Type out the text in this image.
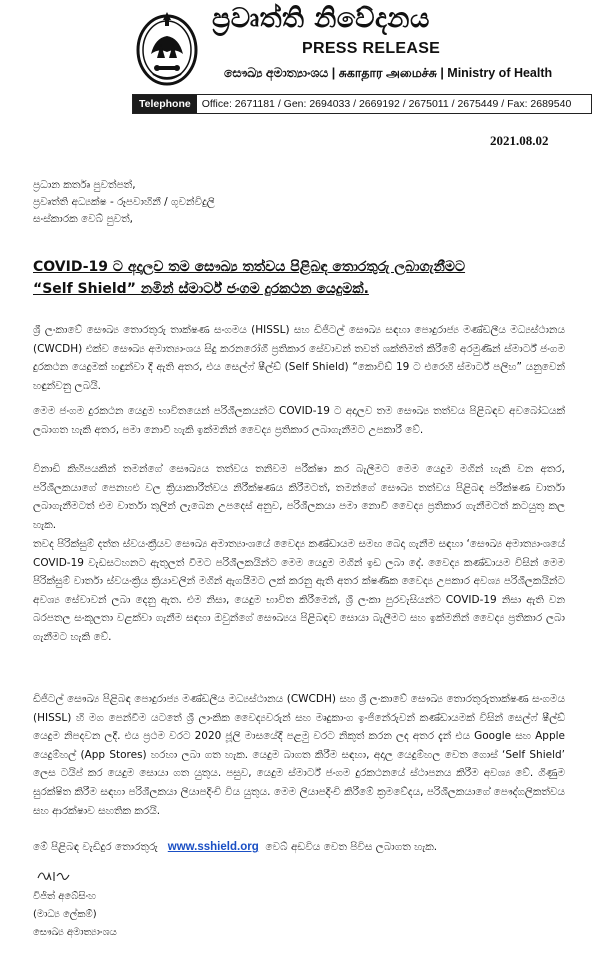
ප්‍රවෘත්ති නිවේදනය
PRESS RELEASE
සෞඛ්‍ය අමාත්‍යාංශය | சுகாதார அமைச்சு | Ministry of Health
Telephone	Office: 2671181 / Gen: 2694033 / 2669192 / 2675011 / 2675449 / Fax: 2689540
2021.08.02
ප්‍රධාන කර්තෘ පුවත්පත්,
ප්‍රවෘත්ති අධ්‍යක්ෂ - රූපවාහිනී / ගුවන්විදුලි
සංස්කාරක වෙබ් පුවත්,
COVID-19 ට අදාලව තම සෞඛ්‍ය තත්වය පිළිබඳ තොරතුරු ලබාගැනීමට
“Self Shield” නමින් ස්මාර්ට් ජංගම දුරකථන යෙදුමක්.

ශ්‍රී ලංකාවේ සෞඛ්‍ය තොරතුරු තාක්ෂණ සංගමය (HISSL) සහ ඩිජිටල් සෞඛ්‍ය සඳහා පොදුරාජ්‍ය මණ්ඩලීය මධ්‍යස්ථානය (CWCDH) එක්ව සෞඛ්‍ය අමාත්‍යාංශය සිදු කරනරෝගී ප්‍රතිකාර සේවාවන් තවත් ශක්තිමත් කිරීමේ අරමුණින් ස්මාර්ට් ජංගම දුරකථන යෙදුමක් හඳුන්වා දී ඇති අතර, එය සෙල්ෆ් ෂීල්ඩ් (Self Shield) “කොවිඩ් 19 ට එරෙහි ස්මාර්ට් පලිහ” යනුවෙන් හඳුන්වනු ලබයි.

මෙම ජංගම දුරකථන යෙදුම භාවිතයෙන් පරිශීලකයන්ට COVID-19 ට අදාලව තම සෞඛ්‍ය තත්වය පිළිබඳව අවබෝධයක් ලබාගත හැකි අතර, පමා නොවී හැකි ඉක්මනින් වෛද්‍ය ප්‍රතිකාර ලබාගැනීමට උපකාරී වේ.

විනාඩි කිහිපයකින් තමන්ගේ සෞඛ්‍යය තත්වය තනිවම පරීක්ෂා කර බැලීමට මෙම යෙදුම මගින් හැකි වන අතර, පරිශීලකයාගේ පෙනහළු වල ක්‍රියාකාරීත්වය නිරීක්ෂණය කිරීමටත්, තමන්ගේ සෞඛ්‍ය තත්වය පිළිබඳ පරීක්ෂණ වාර්තා ලබාගැනීමටත් එම වාර්තා තුලින් ලැබෙන උපදෙස් අනුව, පරිශීලකයා පමා නොවී වෛද්‍ය ප්‍රතිකාර ගැනීමටත් කටයුතු කල හැක.

තවද පිරික්සුම් දත්ත ස්වයංක්‍රීයව සෞඛ්‍ය අමාත්‍යාංශයේ වෛද්‍ය කණ්ඩායම සමඟ බෙදා ගැනීම සඳහා ‘සෞඛ්‍ය අමාත්‍යාංශයේ COVID-19 වැඩසටහනට ඇතුලත් වීමට පරිශීලකයින්ට මෙම යෙදුම මගින් ඉඩ ලබා දේ. වෛද්‍ය කණ්ඩායම විසින් මෙම පිරික්සුම් වාර්තා ස්වයංක්‍රිය ක්‍රියාවලින් මගින් ඇගයීමට ලක් කරනු ඇති අතර ක්ෂණික වෛද්‍ය උපකාර අවශ්‍ය පරිශීලකයින්ට අවශ්‍ය සේවාවන් ලබා දෙනු ඇත. එම නිසා, යෙදුම භාවිත කිරීමෙන්, ශ්‍රී ලංකා පුරවැසියන්ට COVID-19 නිසා ඇති වන බරපතල සංකූලතා වළක්වා ගැනීම සඳහා ඔවුන්ගේ සෞඛ්‍යය පිළිබඳව සොයා බැලීමට සහ ඉක්මනින් වෛද්‍ය ප්‍රතිකාර ලබා ගැනීමට හැකි වේ.

ඩිජිටල් සෞඛ්‍ය පිළිබඳ පොදුරාජ්‍ය මණ්ඩලීය මධ්‍යස්ථානය (CWCDH) සහ ශ්‍රී ලංකාවේ සෞඛ්‍ය තොරතුරුතාක්ෂණ සංගමය (HISSL) හි මග පෙන්වීම යටතේ ශ්‍රී ලාංකික වෛද්‍යවරුන් සහ මෘදුකාංග ඉංජිනේරුවන් කණ්ඩායමක් විසින් සෙල්ෆ් ෂීල්ඩ් යෙදුම නිපදවන ලදී. එය ප්‍රථම වරට 2020 ජූලි මාසයේදී පළමු වරට නිකුත් කරන ලද අතර දැන් එය Google සහ Apple යෙදුම්හල් (App Stores) හරහා ලබා ගත හැක. යෙදුම බාගත කිරීම සඳහා, අදාල යෙදුම්හල වෙත ගොස් ‘Self Shield’ ලෙස ටයිප් කර යෙදුම සොයා ගත යුතුය. පසුව, යෙදුම ස්මාර්ට් ජංගම දුරකථනයේ ස්ථාපනය කිරීම අවශ්‍ය වේ. ගිණුම සුරක්ෂිත කිරීම සඳහා පරිශීලකයා ලියාපදිංචි විය යුතුය. මෙම ලියාපදිංචි කිරීමේ ක්‍රමවේදය, පරිශීලකයාගේ පෞද්ගලිකත්වය සහ ආරක්ෂාව සහතික කරයි.

මේ පිළිබඳ වැඩිදුර තොරතුරු www.sshield.org වෙබ් අඩවිය වෙත පිවිස ලබාගත හැක.
විජිත් අබේසිංහ
(මාධ්‍ය ලේකම්)
සෞඛ්‍ය අමාත්‍යාංශය
